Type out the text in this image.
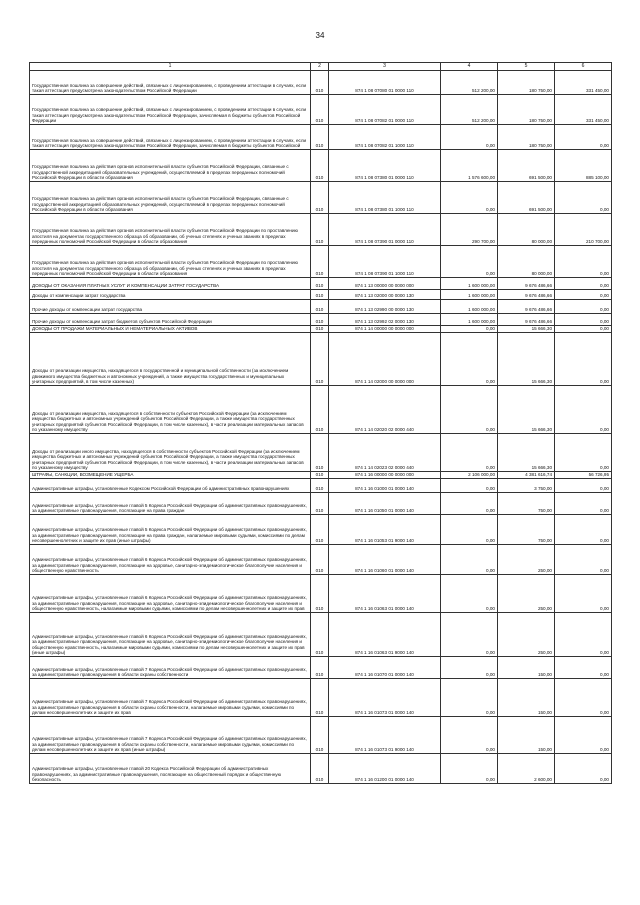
34
1	2	3	4	5	6
Государственная пошлина за совершение действий, связанных с лицензированием, с проведением аттестации в случаях, если такая аттестация предусмотрена законодательством Российской Федерации	010	874 1 08 07080 01 0000 110	512 200,00	180 750,00	331 450,00
Государственная пошлина за совершение действий, связанных с лицензированием, с проведением аттестации в случаях, если такая аттестация предусмотрена законодательством Российской Федерации, зачисляемая в бюджеты субъектов Российской Федерации	010	874 1 08 07082 01 0000 110	512 200,00	180 750,00	331 450,00
Государственная пошлина за совершение действий, связанных с лицензированием, с проведением аттестации в случаях, если такая аттестация предусмотрена законодательством Российской Федерации, зачисляемая в бюджеты субъектов Российской	010	874 1 08 07082 01 1000 110	0,00	180 750,00	0,00
Государственная пошлина за действия органов исполнительной власти субъектов Российской Федерации, связанные с государственной аккредитацией образовательных учреждений, осуществляемой в пределах переданных полномочий Российской Федерации в области образования	010	874 1 08 07380 01 0000 110	1 576 600,00	691 500,00	885 100,00
Государственная пошлина за действия органов исполнительной власти субъектов Российской Федерации, связанные с государственной аккредитацией образовательных учреждений, осуществляемой в пределах переданных полномочий Российской Федерации в области образования	010	874 1 08 07380 01 1000 110	0,00	691 500,00	0,00
Государственная пошлина за действия органов исполнительной власти субъектов Российской Федерации по проставлению апостиля на документах государственного образца об образовании, об ученых степенях и ученых званиях в пределах переданных полномочий Российской Федерации в области образования	010	874 1 08 07390 01 0000 110	290 700,00	80 000,00	210 700,00
Государственная пошлина за действия органов исполнительной власти субъектов Российской Федерации по проставлению апостиля на документах государственного образца об образовании, об ученых степенях и ученых званиях в пределах переданных полномочий Российской Федерации в области образования	010	874 1 08 07390 01 1000 110	0,00	80 000,00	0,00
ДОХОДЫ ОТ ОКАЗАНИЯ ПЛАТНЫХ УСЛУГ И КОМПЕНСАЦИИ ЗАТРАТ ГОСУДАРСТВА	010	874 1 13 00000 00 0000 000	1 600 000,00	9 676 486,66	0,00
Доходы от компенсации затрат государства	010	874 1 13 02000 00 0000 130	1 600 000,00	9 676 486,66	0,00
Прочие доходы от компенсации затрат государства	010	874 1 13 02990 00 0000 130	1 600 000,00	9 676 486,66	0,00
Прочие доходы от компенсации затрат бюджетов субъектов Российской Федерации	010	874 1 13 02992 02 0000 130	1 600 000,00	9 676 486,66	0,00
ДОХОДЫ ОТ ПРОДАЖИ МАТЕРИАЛЬНЫХ И НЕМАТЕРИАЛЬНЫХ АКТИВОВ	010	874 1 14 00000 00 0000 000	0,00	15 666,30	0,00
Доходы от реализации имущества, находящегося в государственной и муниципальной собственности (за исключением движимого имущества бюджетных и автономных учреждений, а также имущества государственных и муниципальных унитарных предприятий, в том числе казенных)	010	874 1 14 02000 00 0000 000	0,00	15 666,30	0,00
Доходы от реализации имущества, находящегося в собственности субъектов Российской Федерации (за исключением имущества бюджетных и автономных учреждений субъектов Российской Федерации, а также имущества государственных унитарных предприятий субъектов Российской Федерации, в том числе казенных), в части реализации материальных запасов по указанному имуществу	010	874 1 14 02020 02 0000 440	0,00	15 666,30	0,00
Доходы от реализации иного имущества, находящегося в собственности субъектов Российской Федерации (за исключением имущества бюджетных и автономных учреждений субъектов Российской Федерации, а также имущества государственных унитарных предприятий субъектов Российской Федерации, в том числе казенных), в части реализации материальных запасов по указанному имуществу	010	874 1 14 02023 02 0000 440	0,00	15 666,30	0,00
ШТРАФЫ, САНКЦИИ, ВОЗМЕЩЕНИЕ УЩЕРБА	010	874 1 16 00000 00 0000 000	2 106 000,00	4 381 616,74	56 726,95
Административные штрафы, установленные Кодексом Российской Федерации об административных правонарушениях	010	874 1 16 01000 01 0000 140	0,00	3 750,00	0,00
Административные штрафы, установленные главой 5 Кодекса Российской Федерации об административных правонарушениях, за административные правонарушения, посягающие на права граждан	010	874 1 16 01050 01 0000 140	0,00	750,00	0,00
Административные штрафы, установленные главой 5 Кодекса Российской Федерации об административных правонарушениях, за административные правонарушения, посягающие на права граждан, налагаемые мировыми судьями, комиссиями по делам несовершеннолетних и защите их прав (иные штрафы)	010	874 1 16 01053 01 9000 140	0,00	750,00	0,00
Административные штрафы, установленные главой 6 Кодекса Российской Федерации об административных правонарушениях, за административные правонарушения, посягающие на здоровье, санитарно-эпидемиологическое благополучие населения и общественную нравственность	010	874 1 16 01060 01 0000 140	0,00	250,00	0,00
Административные штрафы, установленные главой 6 Кодекса Российской Федерации об административных правонарушениях, за административные правонарушения, посягающие на здоровье, санитарно-эпидемиологическое благополучие населения и общественную нравственность, налагаемые мировыми судьями, комиссиями по делам несовершеннолетних и защите их прав	010	874 1 16 01063 01 0000 140	0,00	250,00	0,00
Административные штрафы, установленные главой 6 Кодекса Российской Федерации об административных правонарушениях, за административные правонарушения, посягающие на здоровье, санитарно-эпидемиологическое благополучие населения и общественную нравственность, налагаемые мировыми судьями, комиссиями по делам несовершеннолетних и защите их прав (иные штрафы)	010	874 1 16 01063 01 9000 140	0,00	250,00	0,00
Административные штрафы, установленные главой 7 Кодекса Российской Федерации об административных правонарушениях, за административные правонарушения в области охраны собственности	010	874 1 16 01070 01 0000 140	0,00	150,00	0,00
Административные штрафы, установленные главой 7 Кодекса Российской Федерации об административных правонарушениях, за административные правонарушения в области охраны собственности, налагаемые мировыми судьями, комиссиями по делам несовершеннолетних и защите их прав	010	874 1 16 01073 01 0000 140	0,00	150,00	0,00
Административные штрафы, установленные главой 7 Кодекса Российской Федерации об административных правонарушениях, за административные правонарушения в области охраны собственности, налагаемые мировыми судьями, комиссиями по делам несовершеннолетних и защите их прав (иные штрафы)	010	874 1 16 01073 01 9000 140	0,00	150,00	0,00
Административные штрафы, установленные главой 20 Кодекса Российской Федерации об административных правонарушениях, за административные правонарушения, посягающие на общественный порядок и общественную безопасность	010	874 1 16 01200 01 0000 140	0,00	2 600,00	0,00
